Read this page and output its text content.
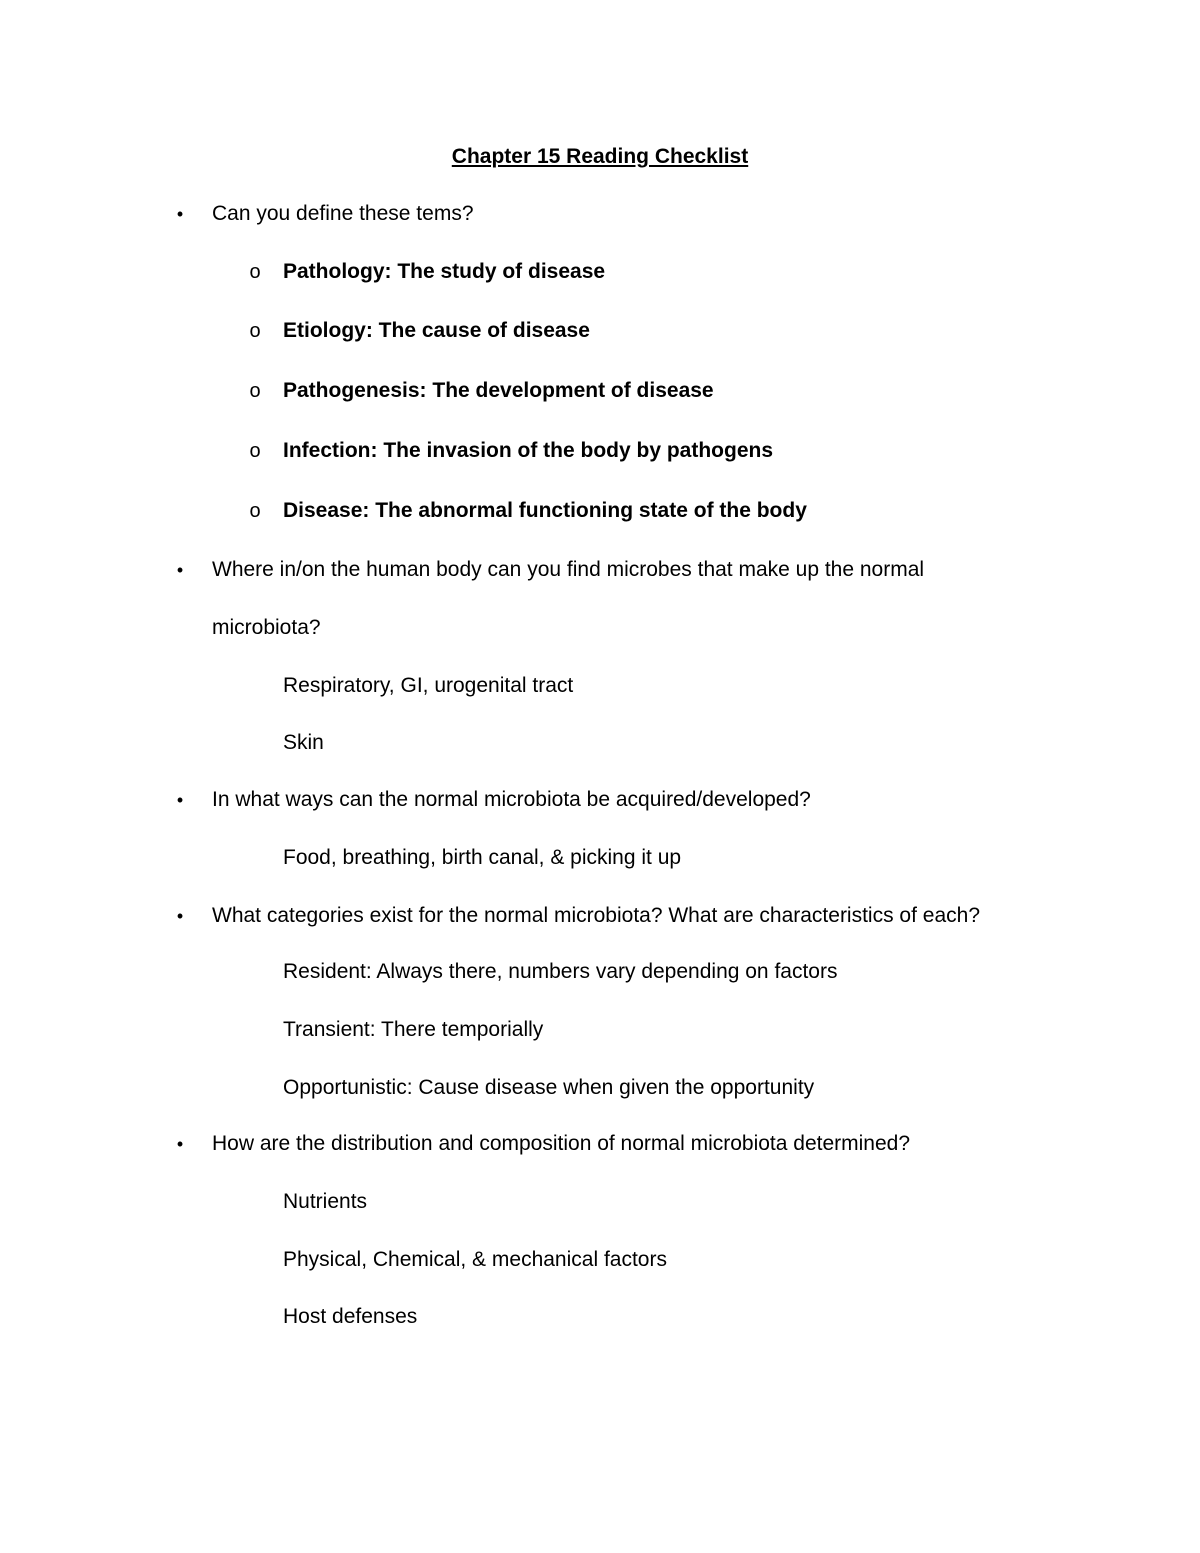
Chapter 15 Reading Checklist
• Can you define these tems?
o Pathology: The study of disease
o Etiology: The cause of disease
o Pathogenesis: The development of disease
o Infection: The invasion of the body by pathogens
o Disease: The abnormal functioning state of the body
• Where in/on the human body can you find microbes that make up the normal
microbiota?
Respiratory, GI, urogenital tract
Skin
• In what ways can the normal microbiota be acquired/developed?
Food, breathing, birth canal, & picking it up
• What categories exist for the normal microbiota? What are characteristics of each?
Resident: Always there, numbers vary depending on factors
Transient: There temporially
Opportunistic: Cause disease when given the opportunity
• How are the distribution and composition of normal microbiota determined?
Nutrients
Physical, Chemical, & mechanical factors
Host defenses
